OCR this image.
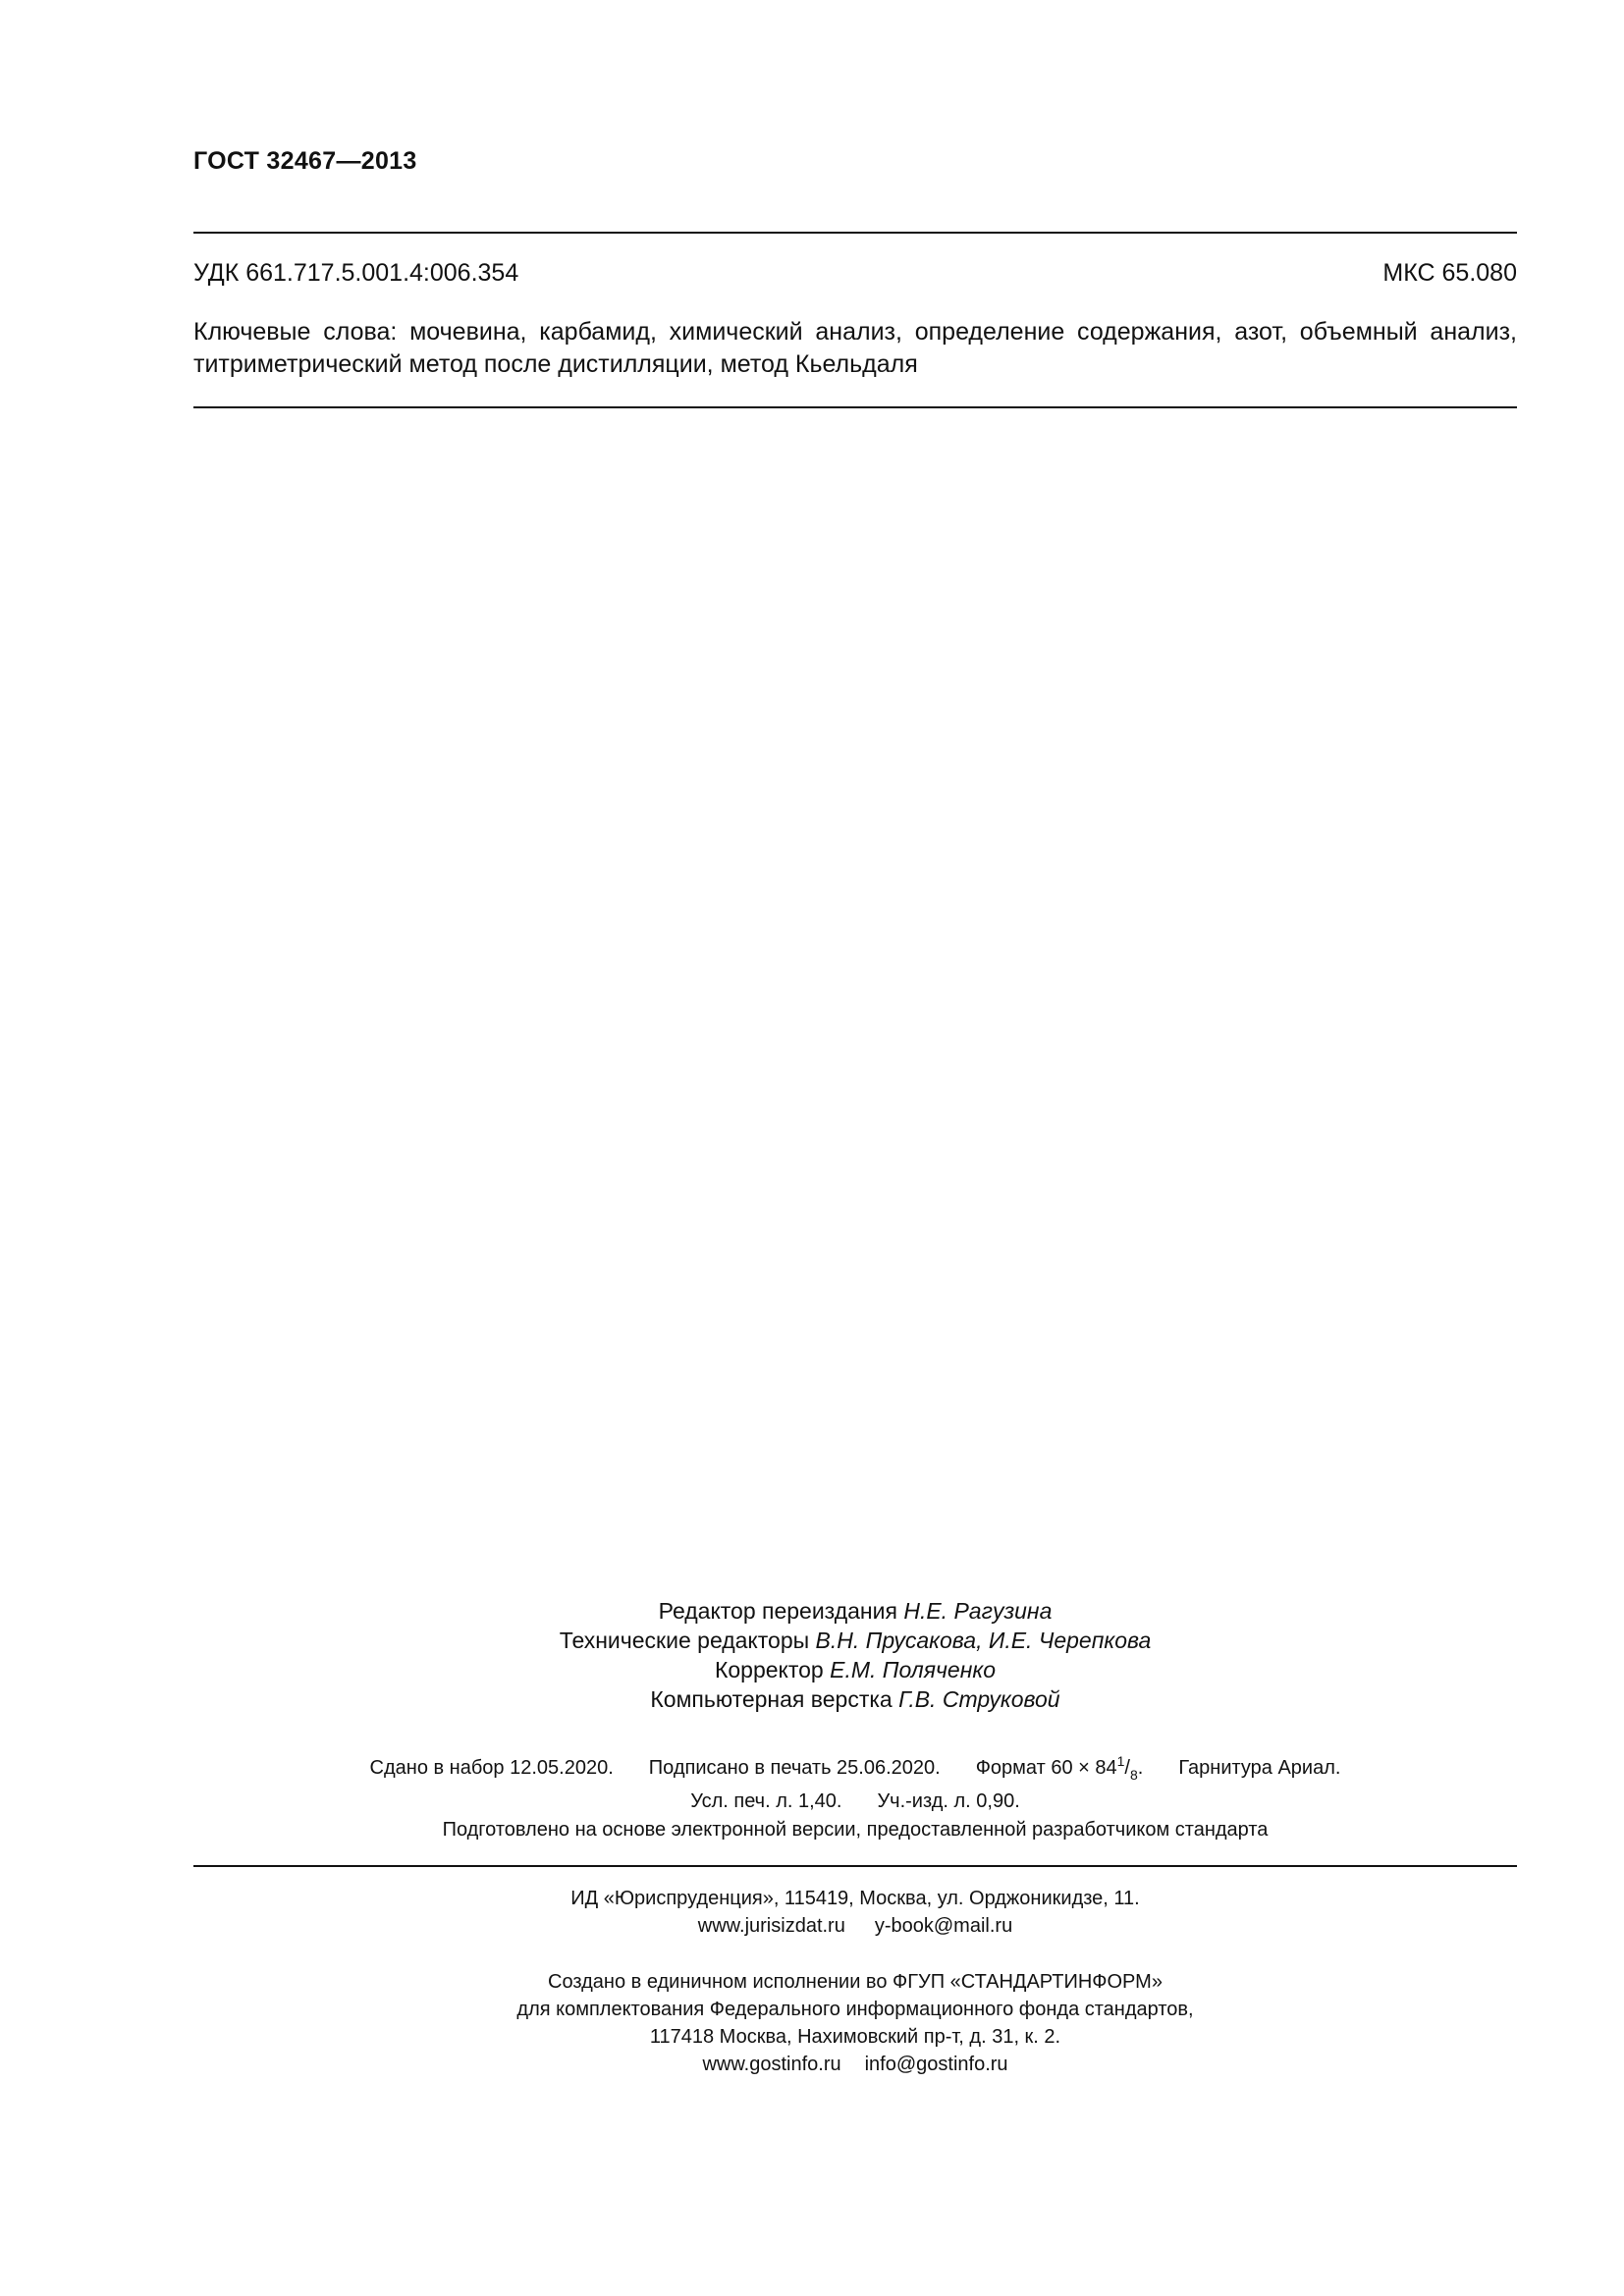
ГОСТ 32467—2013
УДК 661.717.5.001.4:006.354	МКС 65.080
Ключевые слова: мочевина, карбамид, химический анализ, определение содержания, азот, объемный анализ, титриметрический метод после дистилляции, метод Кьельдаля
Редактор переиздания Н.Е. Рагузина
Технические редакторы В.Н. Прусакова, И.Е. Черепкова
Корректор Е.М. Поляченко
Компьютерная верстка Г.В. Струковой
Сдано в набор 12.05.2020. Подписано в печать 25.06.2020. Формат $60 \times 84^1/_8$. Гарнитура Ариал.
Усл. печ. л. 1,40. Уч.-изд. л. 0,90.
Подготовлено на основе электронной версии, предоставленной разработчиком стандарта
ИД «Юриспруденция», 115419, Москва, ул. Орджоникидзе, 11.
www.jurisizdat.ru y-book@mail.ru
Создано в единичном исполнении во ФГУП «СТАНДАРТИНФОРМ»
для комплектования Федерального информационного фонда стандартов,
117418 Москва, Нахимовский пр-т, д. 31, к. 2.
www.gostinfo.ru info@gostinfo.ru
